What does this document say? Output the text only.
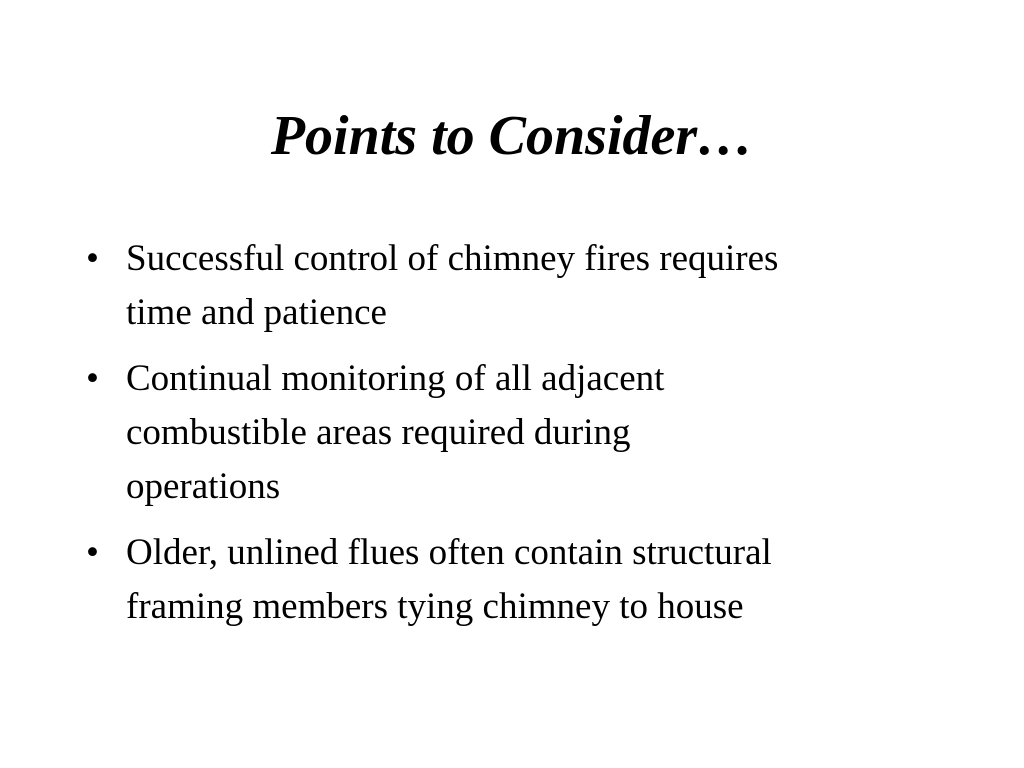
Points to Consider…
• Successful control of chimney fires requires
time and patience
• Continual monitoring of all adjacent
combustible areas required during
operations
• Older, unlined flues often contain structural
framing members tying chimney to house
